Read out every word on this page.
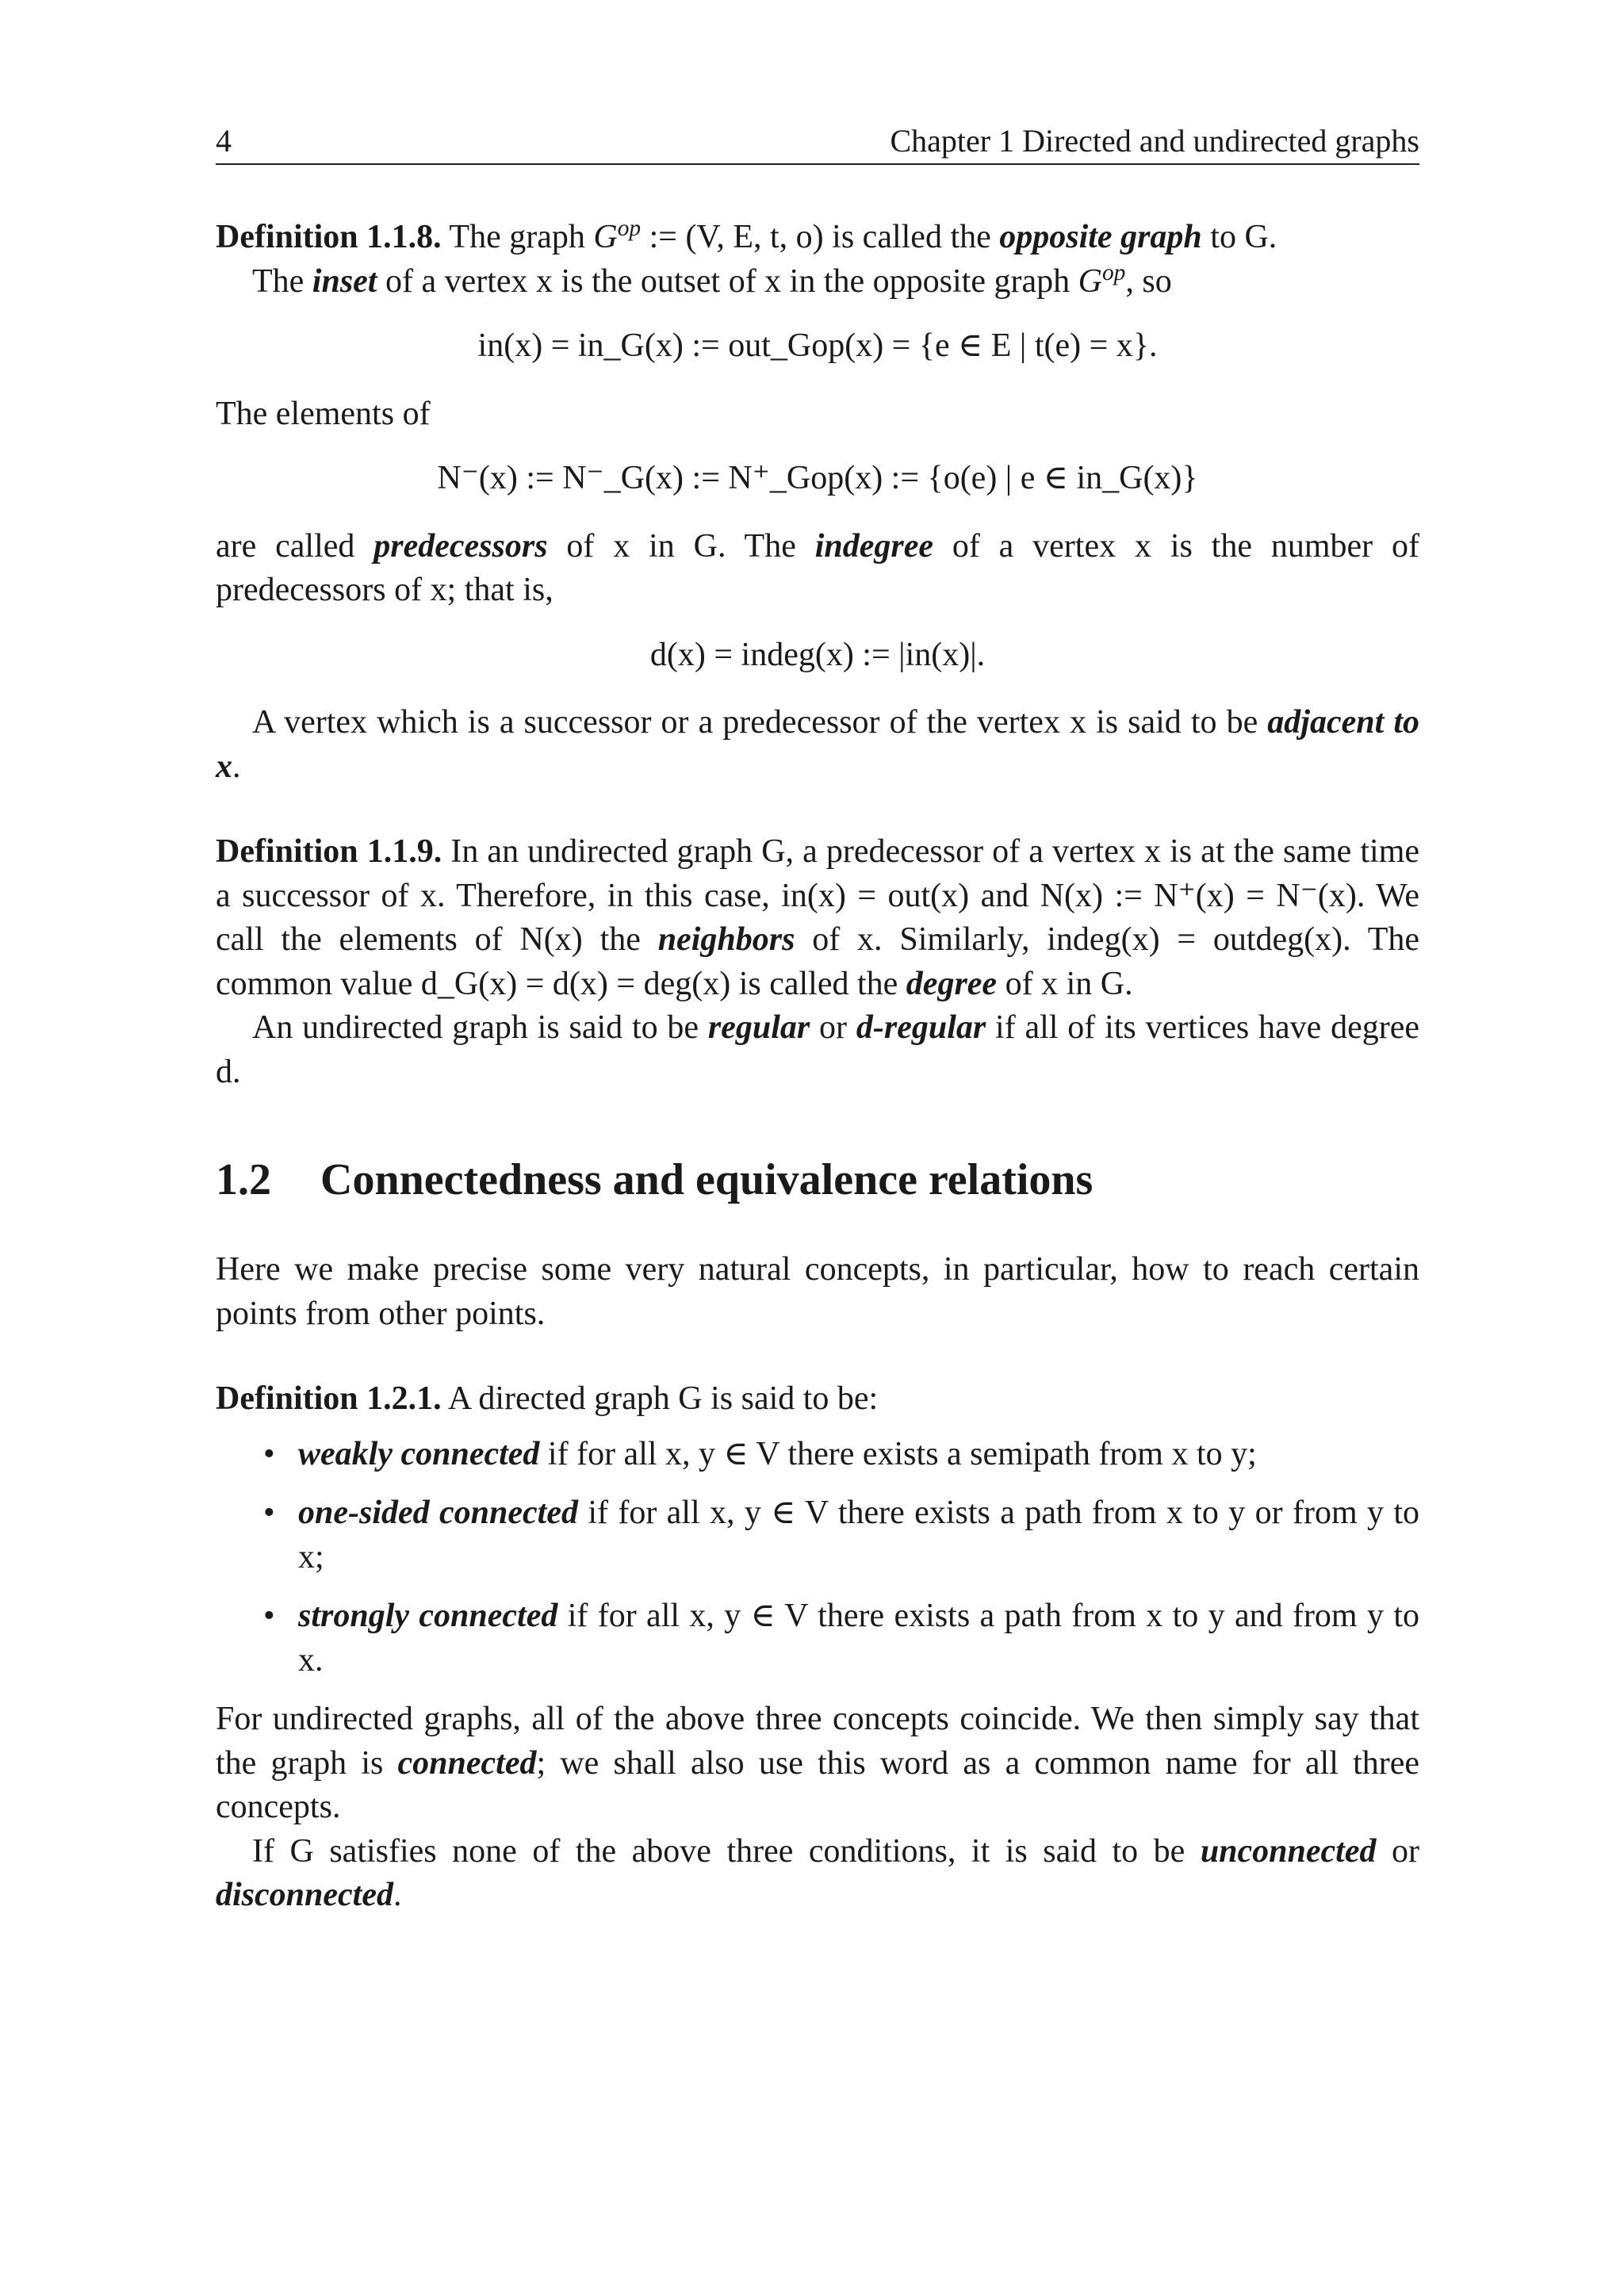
4	Chapter 1 Directed and undirected graphs

Definition 1.1.8. The graph $G^{op}$ := (V, E, t, o) is called the opposite graph to G.

The inset of a vertex x is the outset of x in the opposite graph $G^{op}$, so

in(x) = in_G(x) := out_Gop(x) = {e ∈ E | t(e) = x}.

The elements of

N⁻(x) := N⁻_G(x) := N⁺_Gop(x) := {o(e) | e ∈ in_G(x)}

are called predecessors of x in G. The indegree of a vertex x is the number of predecessors of x; that is,

d(x) = indeg(x) := |in(x)|.

A vertex which is a successor or a predecessor of the vertex x is said to be adjacent to x.

Definition 1.1.9. In an undirected graph G, a predecessor of a vertex x is at the same time a successor of x. Therefore, in this case, in(x) = out(x) and N(x) := N⁺(x) = N⁻(x). We call the elements of N(x) the neighbors of x. Similarly, indeg(x) = outdeg(x). The common value d_G(x) = d(x) = deg(x) is called the degree of x in G.

An undirected graph is said to be regular or d-regular if all of its vertices have degree d.

1.2 Connectedness and equivalence relations

Here we make precise some very natural concepts, in particular, how to reach certain points from other points.

Definition 1.2.1. A directed graph G is said to be:

• weakly connected if for all x, y ∈ V there exists a semipath from x to y;
• one-sided connected if for all x, y ∈ V there exists a path from x to y or from y to x;
• strongly connected if for all x, y ∈ V there exists a path from x to y and from y to x.

For undirected graphs, all of the above three concepts coincide. We then simply say that the graph is connected; we shall also use this word as a common name for all three concepts.

If G satisfies none of the above three conditions, it is said to be unconnected or disconnected.
